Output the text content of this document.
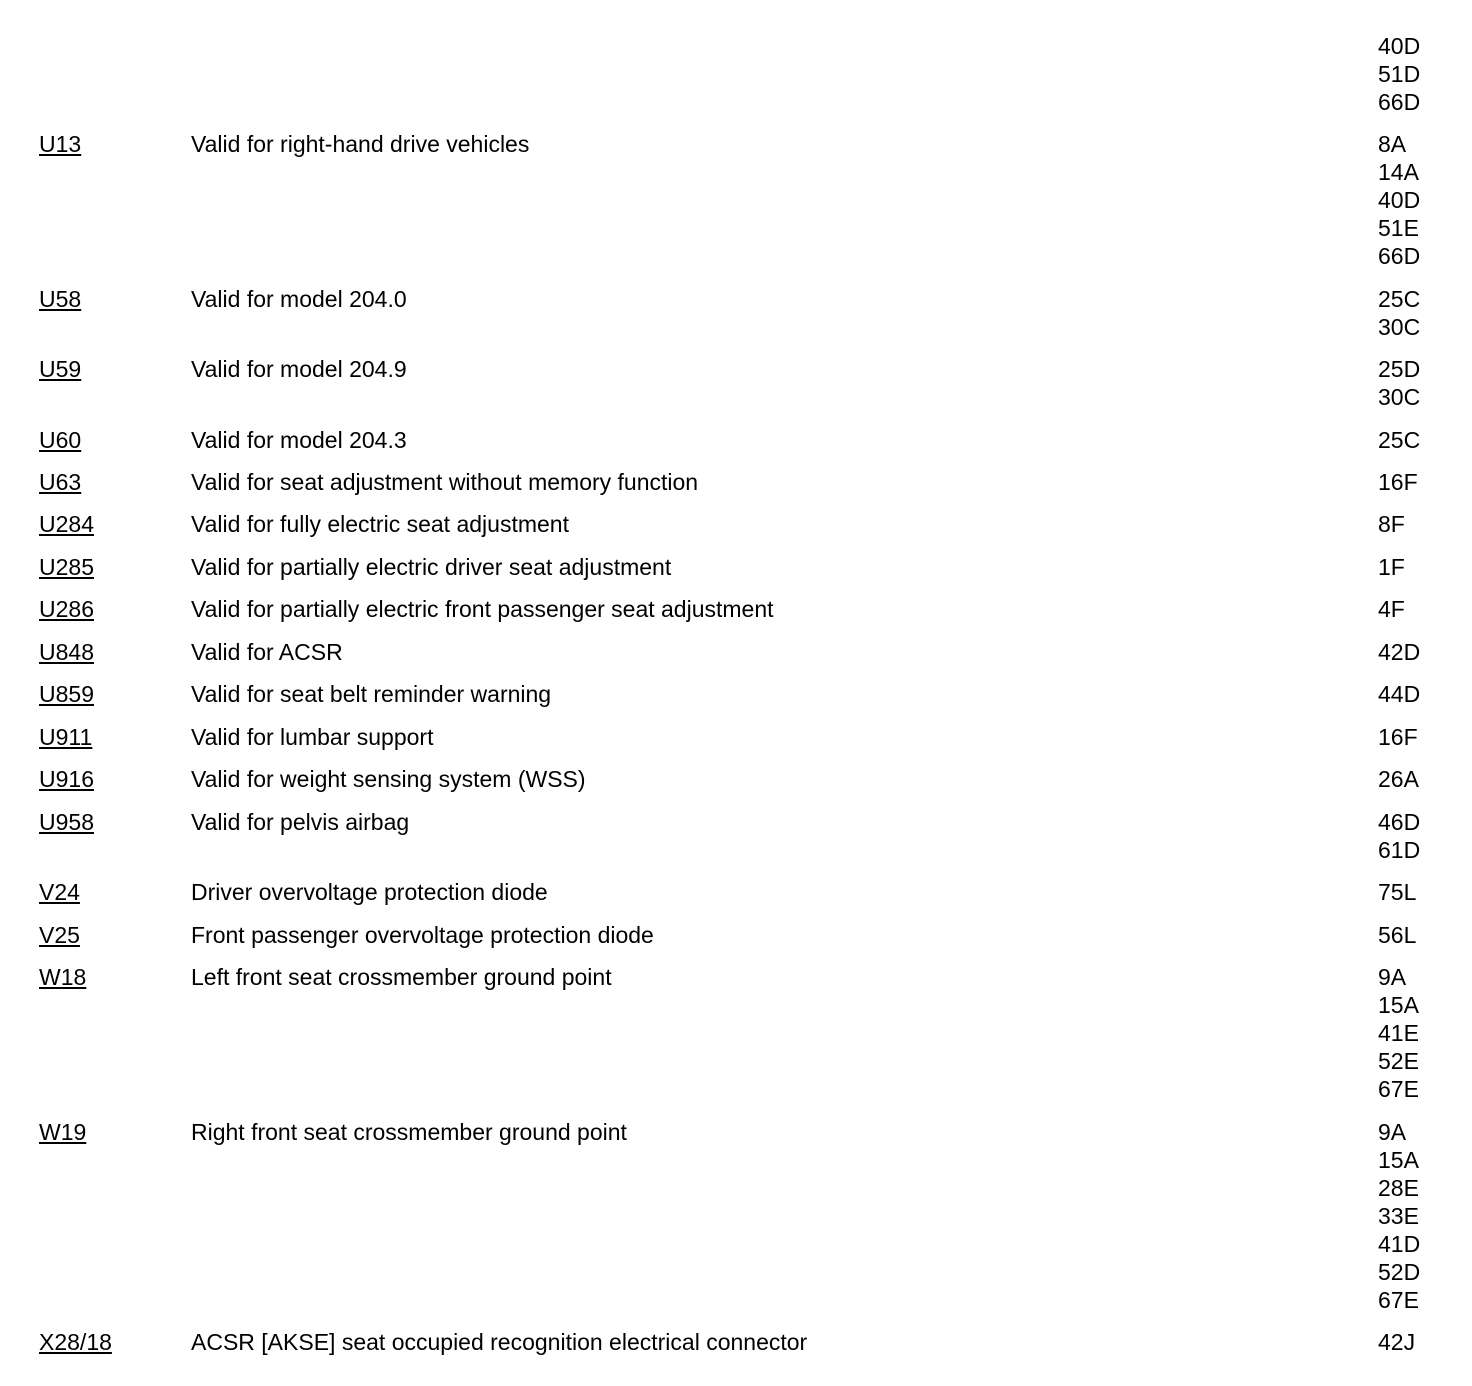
40D
51D
66D
U13	Valid for right-hand drive vehicles	8A
14A
40D
51E
66D
U58	Valid for model 204.0	25C
30C
U59	Valid for model 204.9	25D
30C
U60	Valid for model 204.3	25C
U63	Valid for seat adjustment without memory function	16F
U284	Valid for fully electric seat adjustment	8F
U285	Valid for partially electric driver seat adjustment	1F
U286	Valid for partially electric front passenger seat adjustment	4F
U848	Valid for ACSR	42D
U859	Valid for seat belt reminder warning	44D
U911	Valid for lumbar support	16F
U916	Valid for weight sensing system (WSS)	26A
U958	Valid for pelvis airbag	46D
61D
V24	Driver overvoltage protection diode	75L
V25	Front passenger overvoltage protection diode	56L
W18	Left front seat crossmember ground point	9A
15A
41E
52E
67E
W19	Right front seat crossmember ground point	9A
15A
28E
33E
41D
52D
67E
X28/18	ACSR [AKSE] seat occupied recognition electrical connector	42J
